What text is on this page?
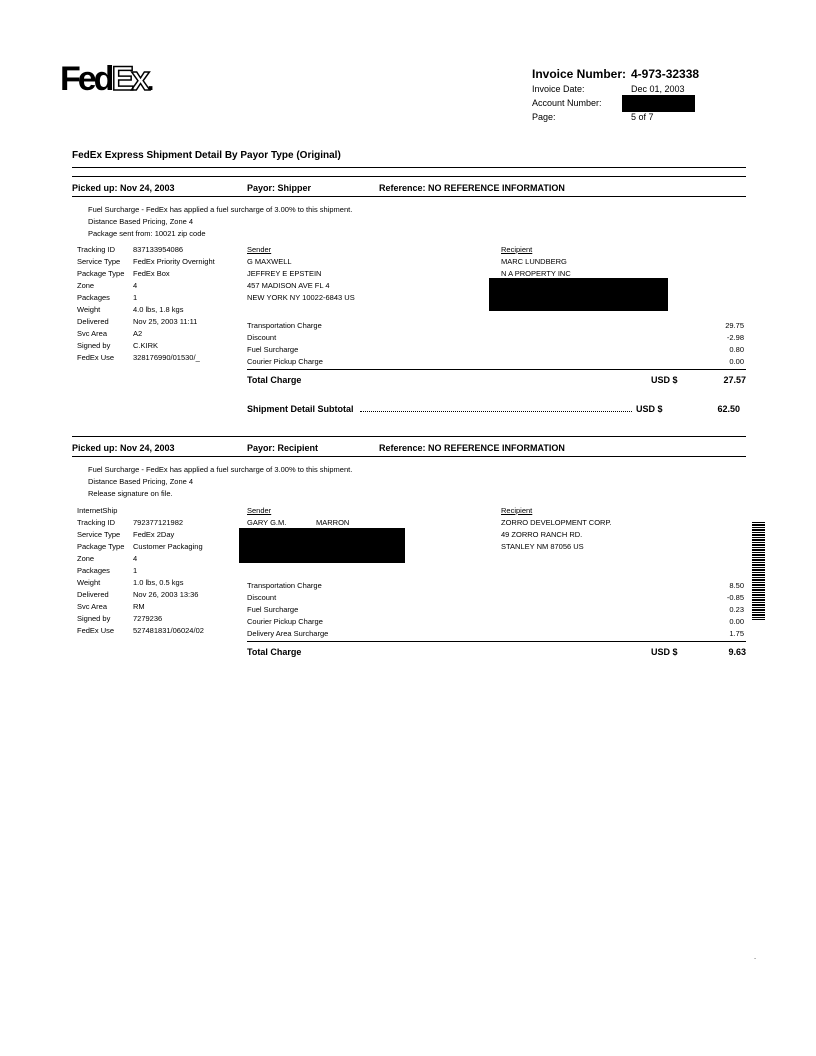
FedEx.	Invoice Number: 4-973-32338
Invoice Date:	Dec 01, 2003
Account Number:
Page:	5 of 7
FedEx Express Shipment Detail By Payor Type (Original)
Picked up: Nov 24, 2003	Payor: Shipper	Reference: NO REFERENCE INFORMATION
Fuel Surcharge - FedEx has applied a fuel surcharge of 3.00% to this shipment.
Distance Based Pricing, Zone 4
Package sent from: 10021 zip code
Tracking ID 837133954086
Service Type FedEx Priority Overnight
Package Type FedEx Box
Zone	4
Packages	1
Weight	4.0 lbs, 1.8 kgs
Delivered	Nov 25, 2003 11:11
Svc Area	A2
Signed by	C.KIRK
FedEx Use	328176990/01530/_
Sender
G MAXWELL
JEFFREY E EPSTEIN
457 MADISON AVE FL 4
NEW YORK NY 10022-6843 US
Recipient
MARC LUNDBERG
N A PROPERTY INC
Transportation Charge	29.75
Discount	-2.98
Fuel Surcharge	0.80
Courier Pickup Charge	0.00
Total Charge	USD $	27.57
Shipment Detail Subtotal	USD $	62.50
Picked up: Nov 24, 2003	Payor: Recipient	Reference: NO REFERENCE INFORMATION
Fuel Surcharge - FedEx has applied a fuel surcharge of 3.00% to this shipment.
Distance Based Pricing, Zone 4
Release signature on file.
InternetShip
Tracking ID 792377121982
Service Type FedEx 2Day
Package Type Customer Packaging
Zone	4
Packages	1
Weight	1.0 lbs, 0.5 kgs
Delivered	Nov 26, 2003 13:36
Svc Area	RM
Signed by	7279236
FedEx Use	527481831/06024/02
Sender
GARY G.M.	MARRON
Recipient
ZORRO DEVELOPMENT CORP.
49 ZORRO RANCH RD.
STANLEY NM 87056 US
Transportation Charge	8.50
Discount	-0.85
Fuel Surcharge	0.23
Courier Pickup Charge	0.00
Delivery Area Surcharge	1.75
Total Charge	USD $	9.63
.
